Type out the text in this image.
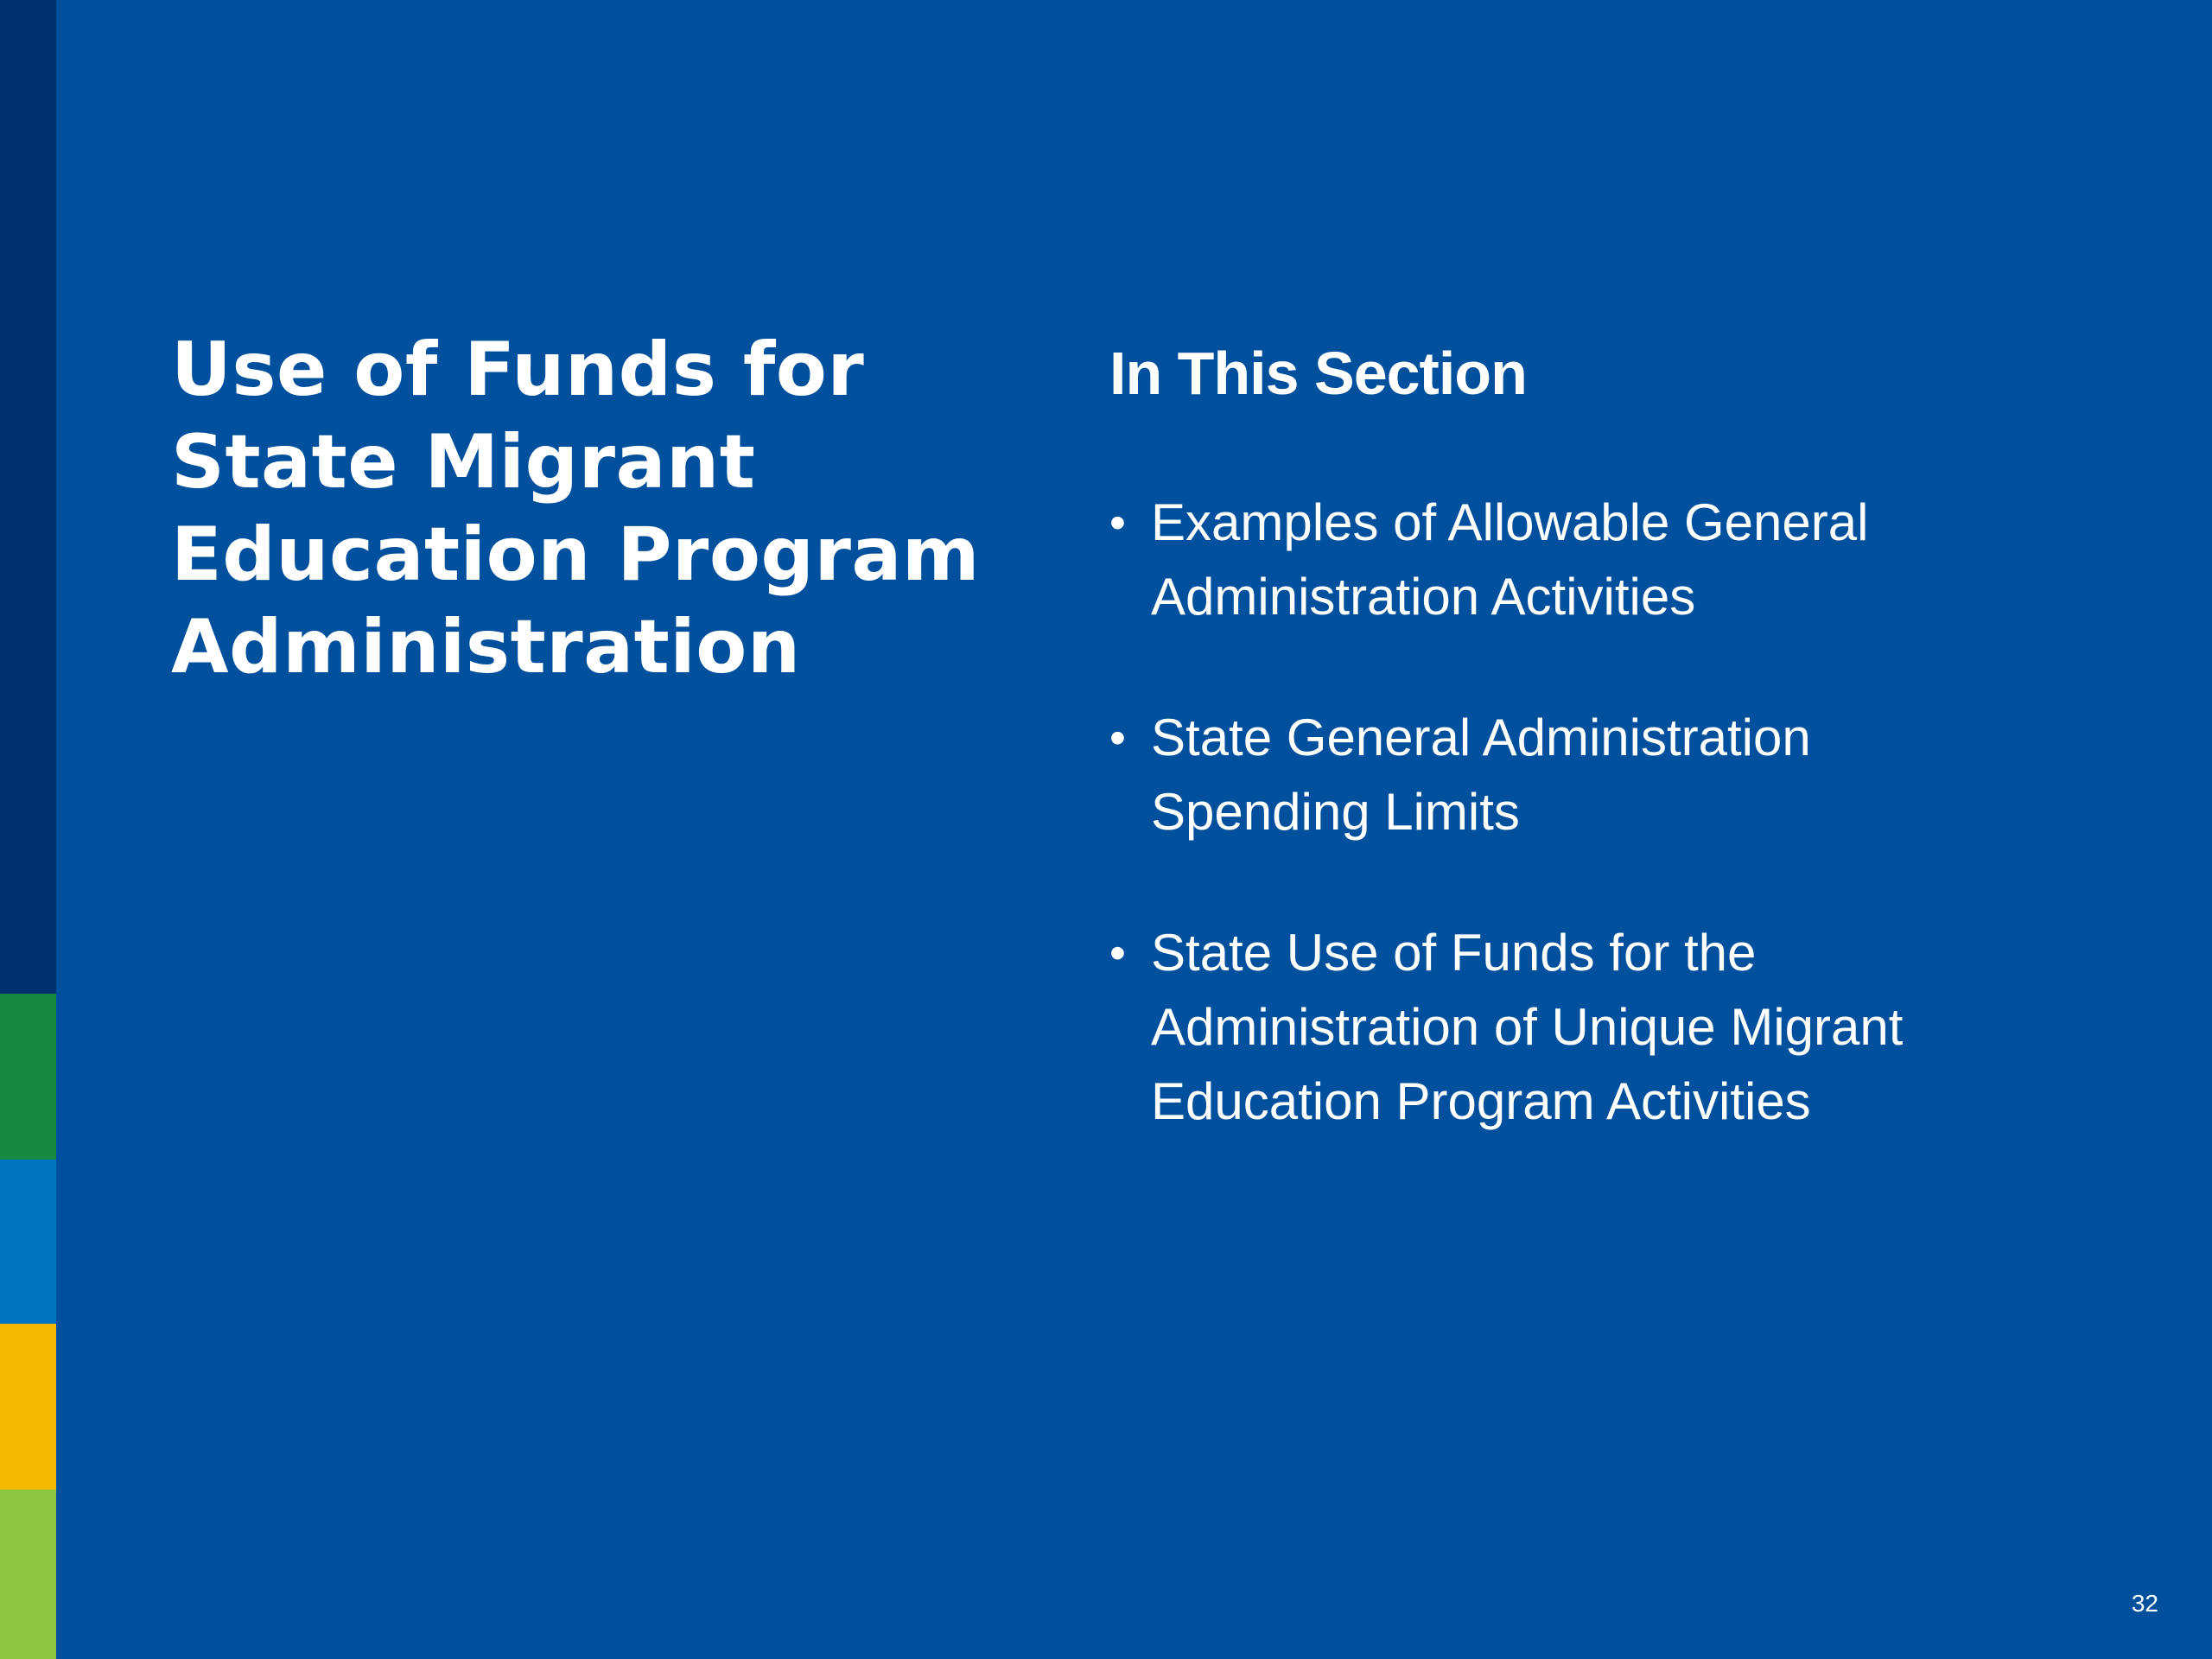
Use of Funds for
State Migrant
Education Program
Administration
In This Section
• Examples of Allowable General
Administration Activities
• State General Administration
Spending Limits
• State Use of Funds for the
Administration of Unique Migrant
Education Program Activities
32
